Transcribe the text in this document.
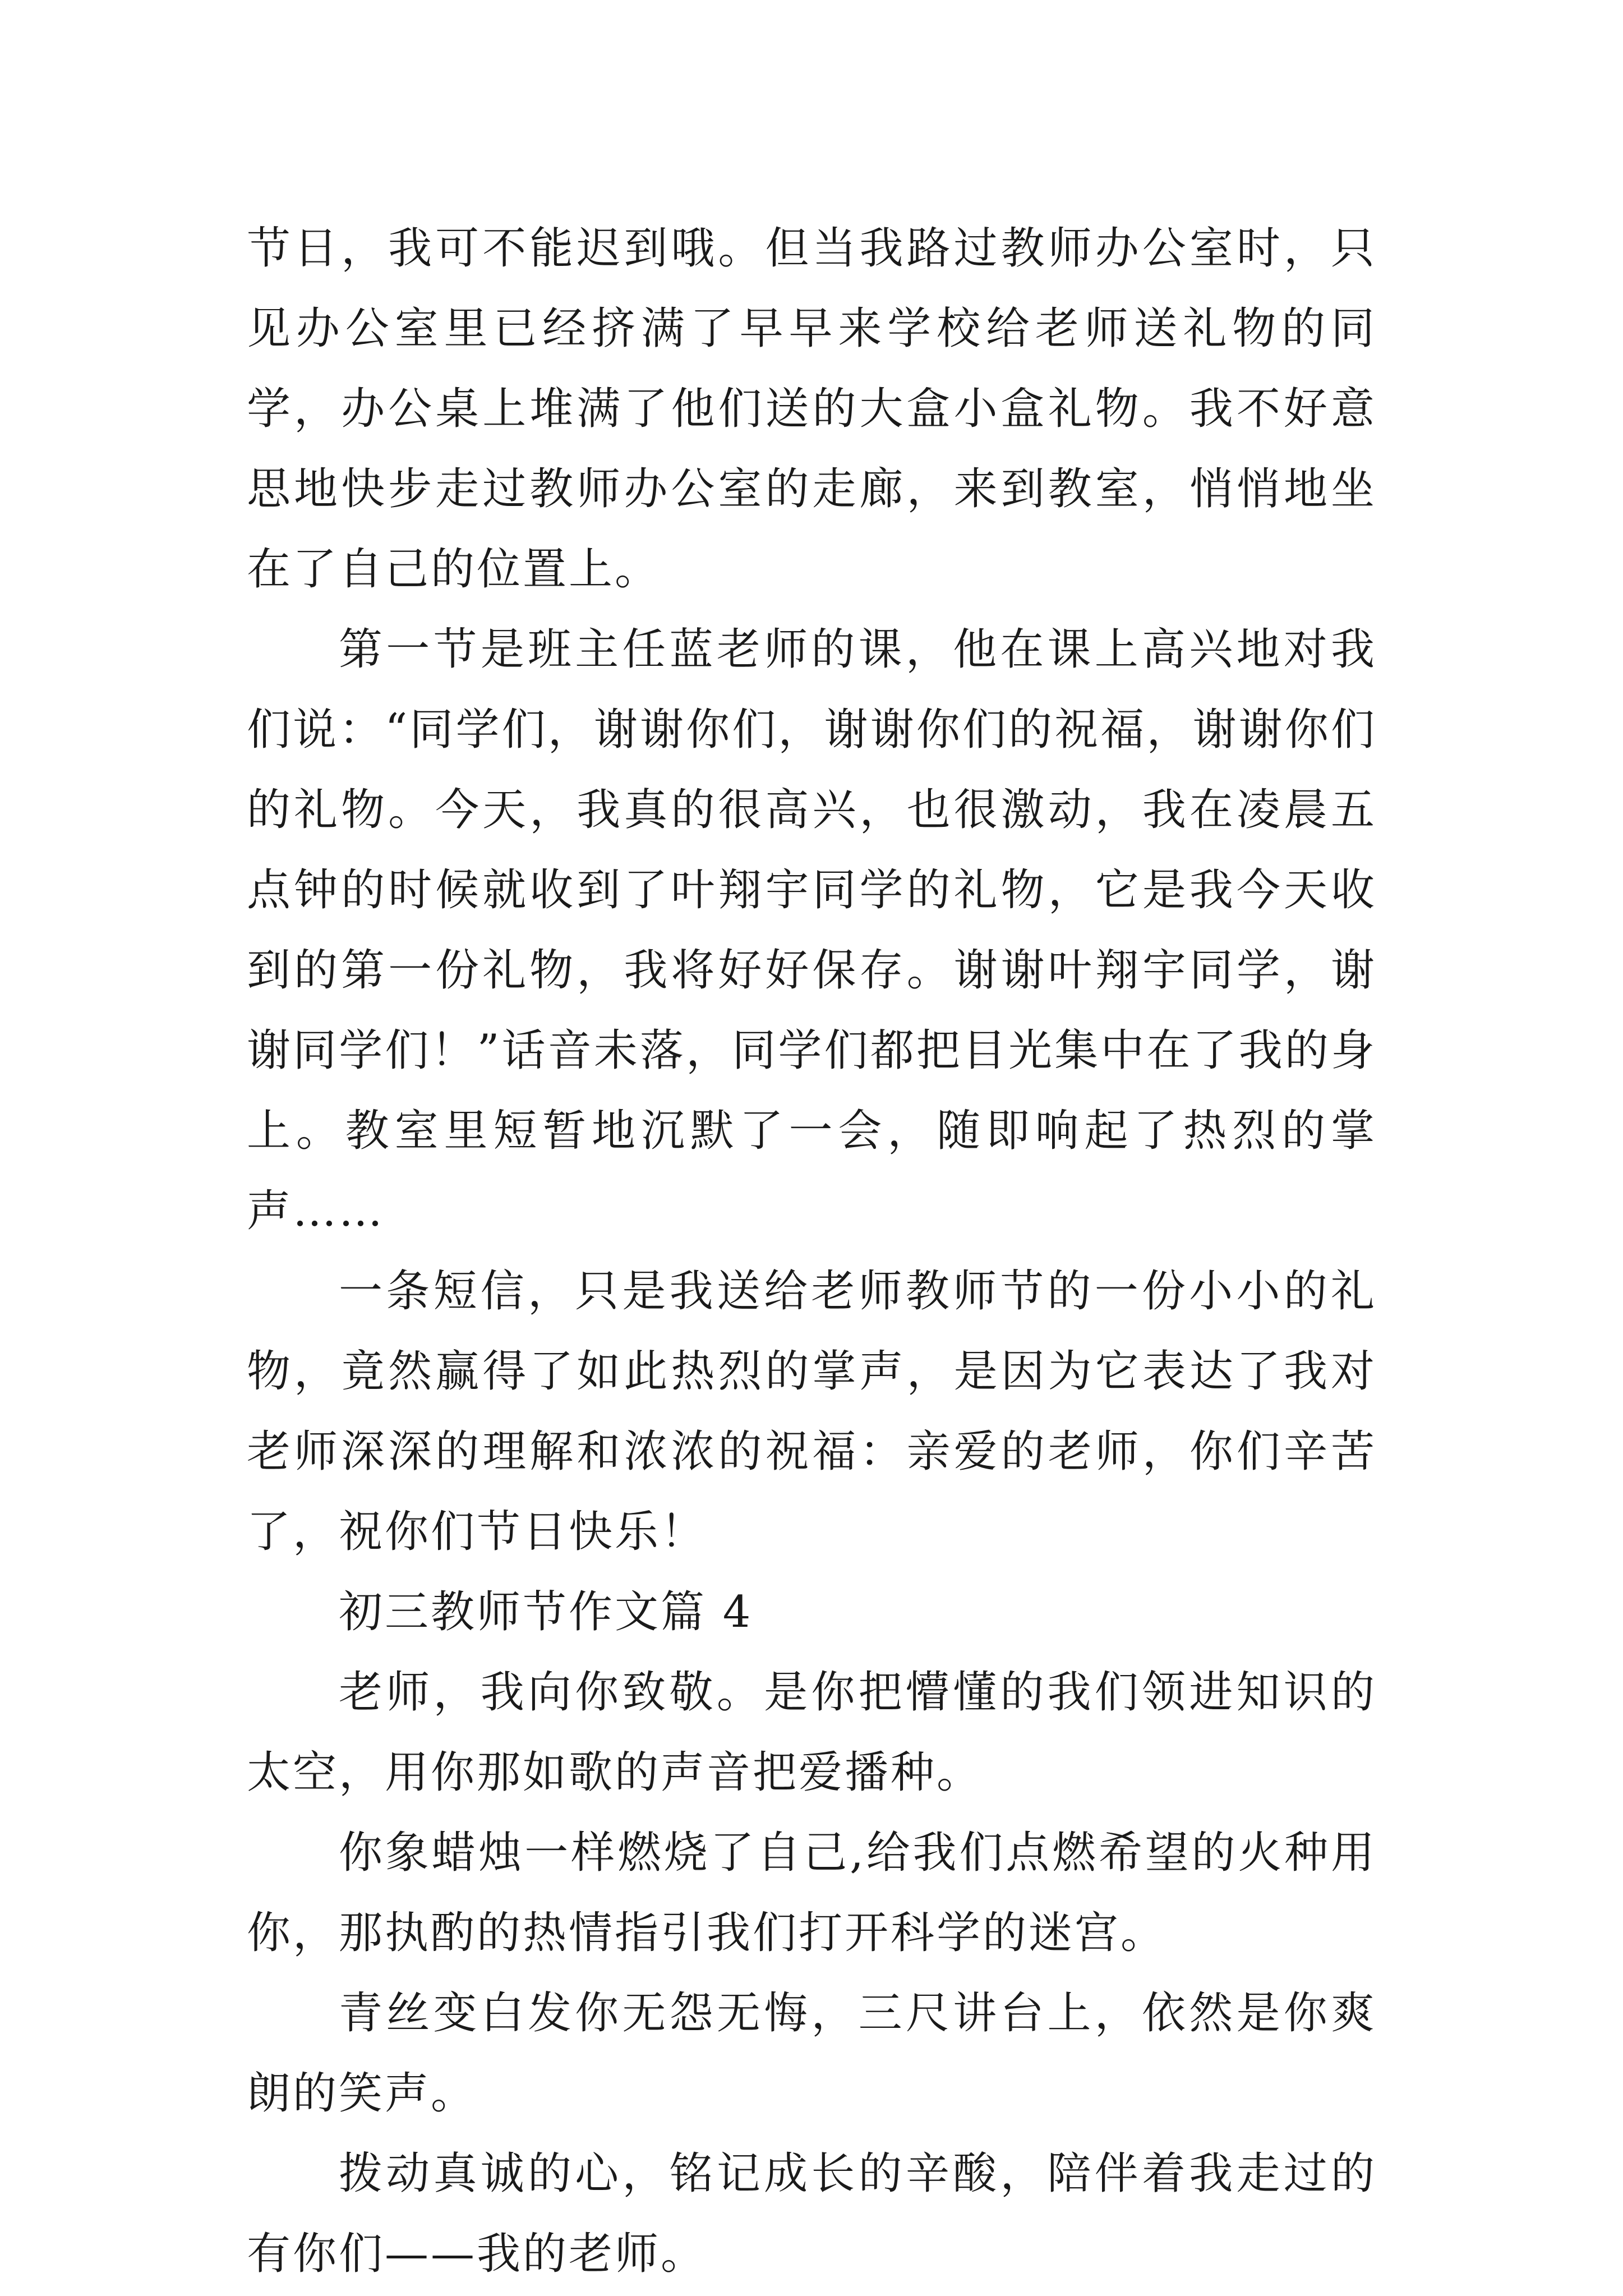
节日，我可不能迟到哦。但当我路过教师办公室时，只见办公室里已经挤满了早早来学校给老师送礼物的同学，办公桌上堆满了他们送的大盒小盒礼物。我不好意思地快步走过教师办公室的走廊，来到教室，悄悄地坐在了自己的位置上。

第一节是班主任蓝老师的课，他在课上高兴地对我们说：“同学们，谢谢你们，谢谢你们的祝福，谢谢你们的礼物。今天，我真的很高兴，也很激动，我在凌晨五点钟的时候就收到了叶翔宇同学的礼物，它是我今天收到的第一份礼物，我将好好保存。谢谢叶翔宇同学，谢谢同学们！”话音未落，同学们都把目光集中在了我的身上。教室里短暂地沉默了一会，随即响起了热烈的掌声……

一条短信，只是我送给老师教师节的一份小小的礼物，竟然赢得了如此热烈的掌声，是因为它表达了我对老师深深的理解和浓浓的祝福：亲爱的老师，你们辛苦了，祝你们节日快乐！

初三教师节作文篇 4

老师，我向你致敬。是你把懵懂的我们领进知识的太空，用你那如歌的声音把爱播种。

你象蜡烛一样燃烧了自己,给我们点燃希望的火种用你，那执酌的热情指引我们打开科学的迷宫。

青丝变白发你无怨无悔，三尺讲台上，依然是你爽朗的笑声。

拨动真诚的心，铭记成长的辛酸，陪伴着我走过的有你们——我的老师。
